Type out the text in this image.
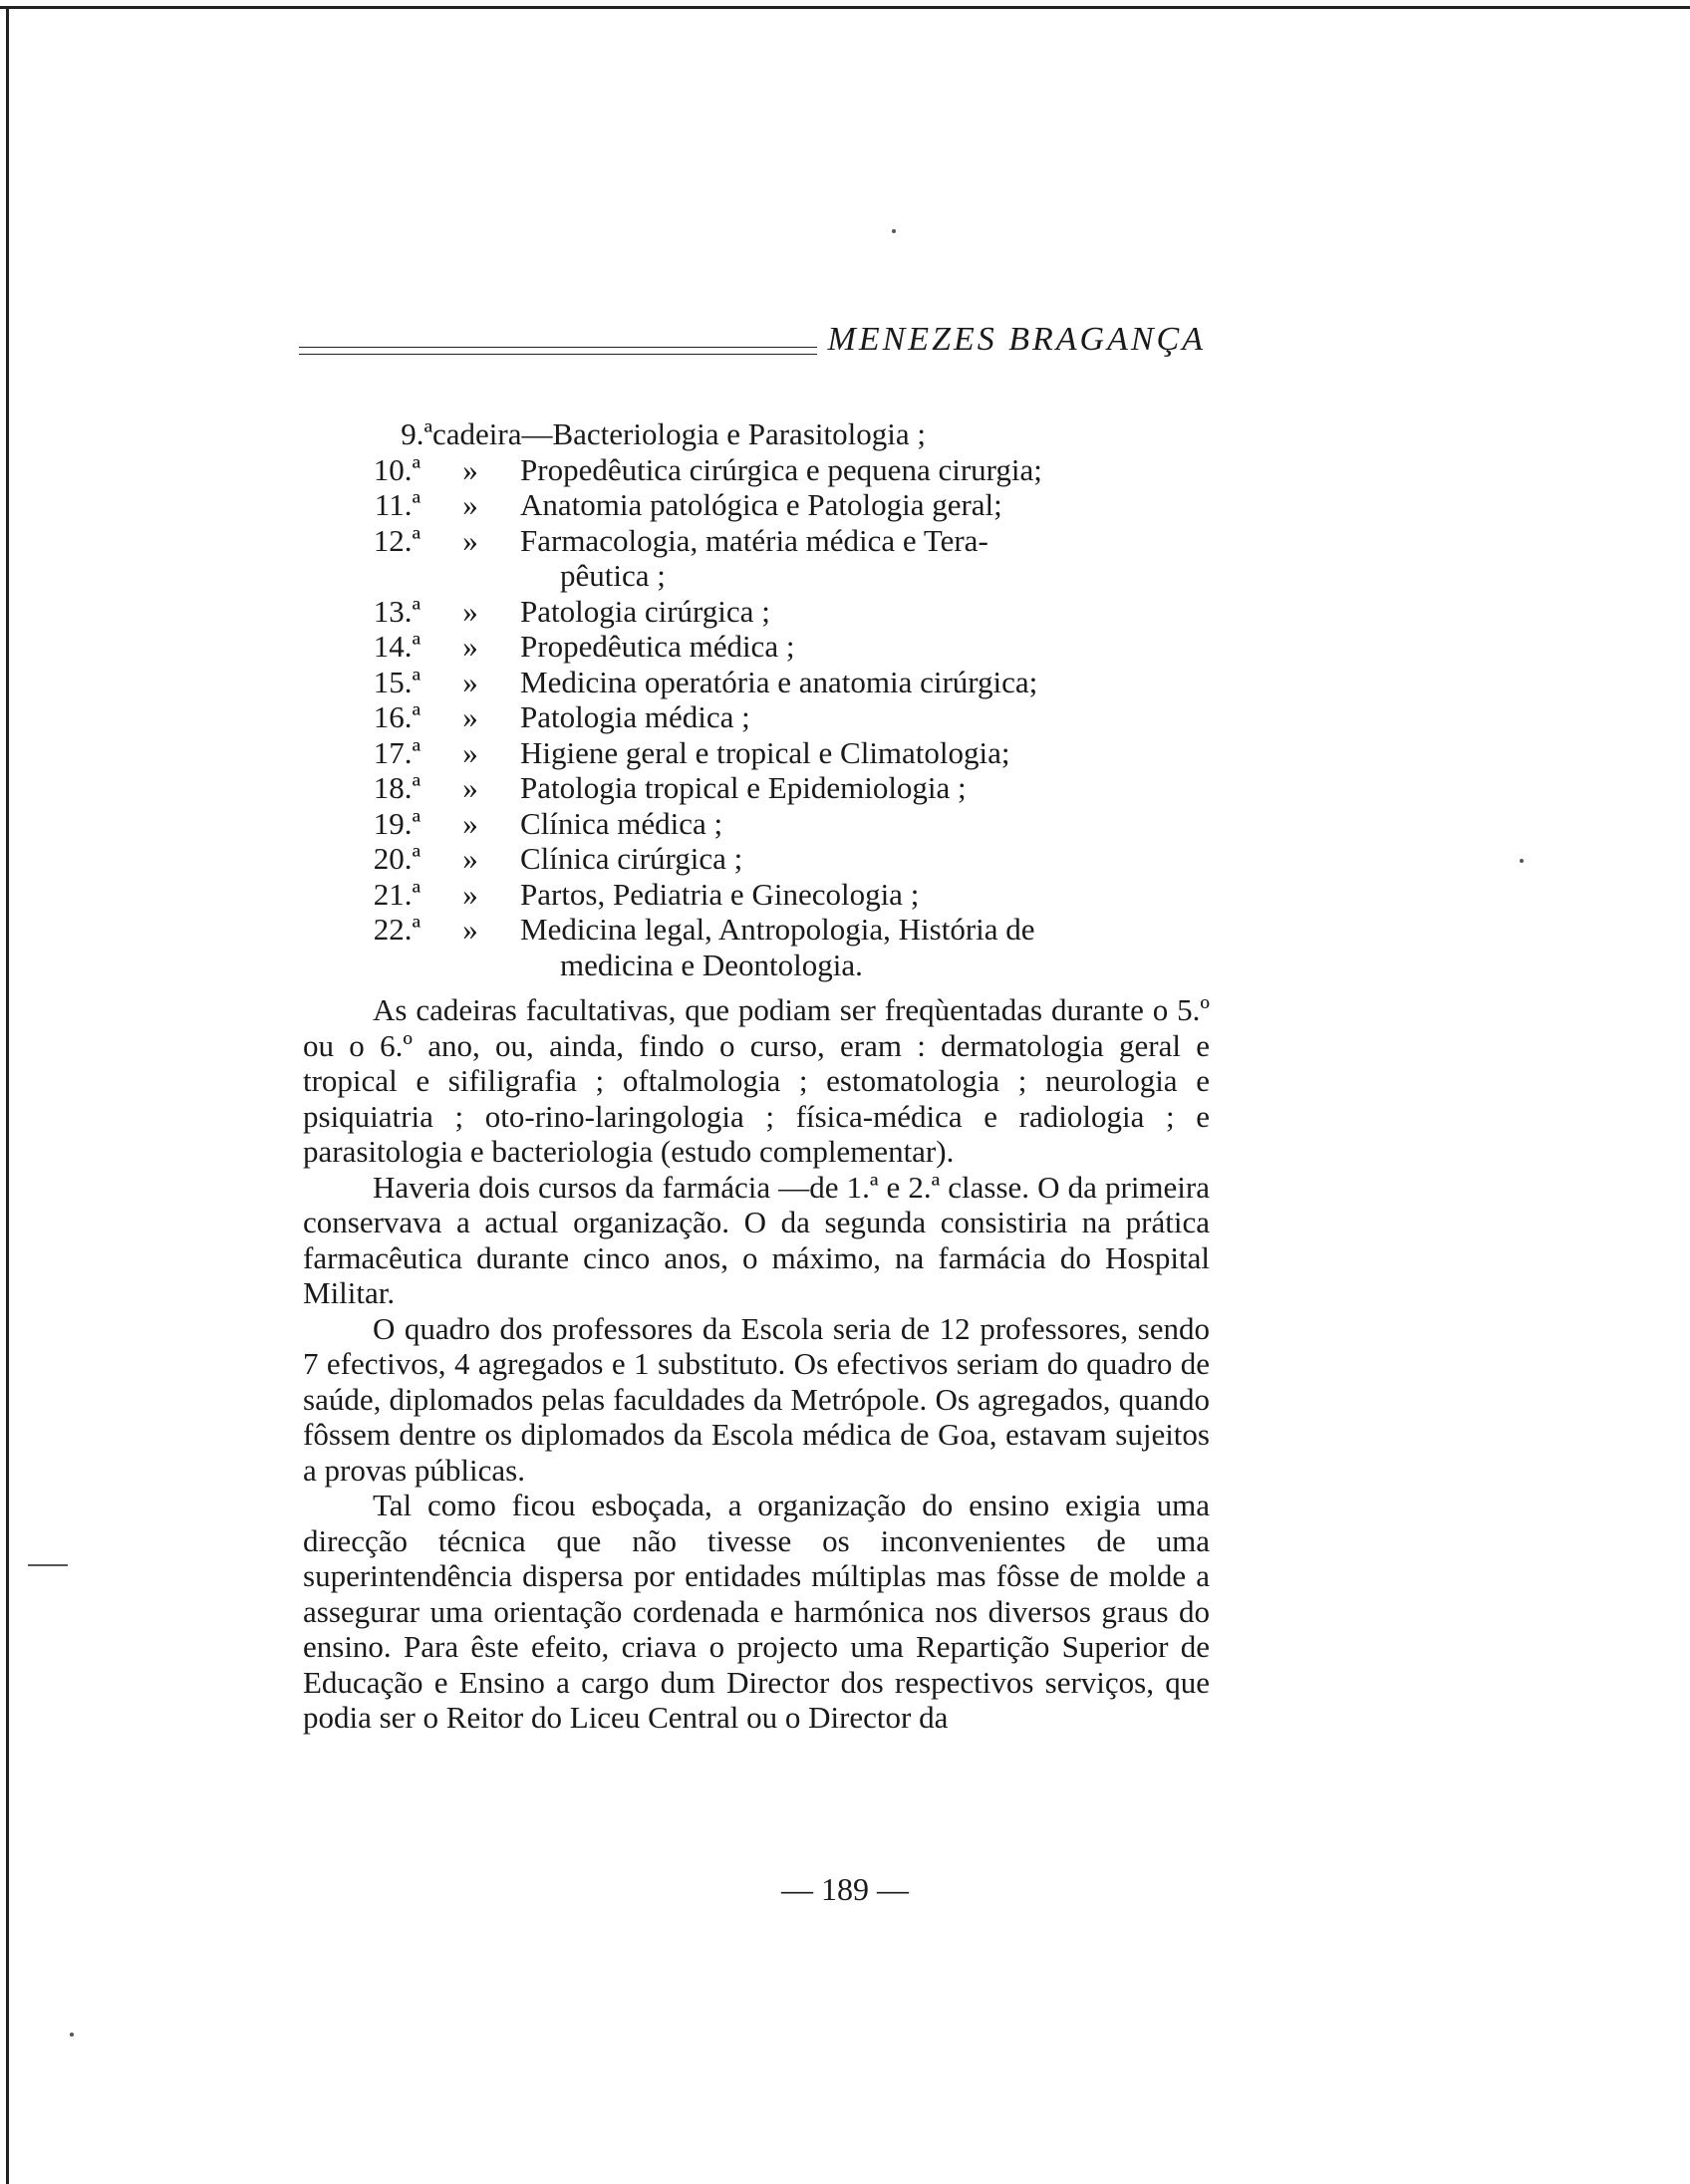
MENEZES BRAGANÇA
9.ª cadeira— Bacteriologia e Parasitologia ;
10.ª	»	Propedêutica cirúrgica e pequena cirurgia;
11.ª	»	Anatomia patológica e Patologia geral;
12.ª	»	Farmacologia, matéria médica e Tera-
pêutica ;
13.ª	»	Patologia cirúrgica ;
14.ª	»	Propedêutica médica ;
15.ª	»	Medicina operatória e anatomia cirúrgica;
16.ª	»	Patologia médica ;
17.ª	»	Higiene geral e tropical e Climatologia;
18.ª	»	Patologia tropical e Epidemiologia ;
19.ª	»	Clínica médica ;
20.ª	»	Clínica cirúrgica ;
21.ª	»	Partos, Pediatria e Ginecologia ;
22.ª	»	Medicina legal, Antropologia, História de
medicina e Deontologia.

As cadeiras facultativas, que podiam ser freqùentadas durante o 5.º ou o 6.º ano, ou, ainda, findo o curso, eram : dermatologia geral e tropical e sifiligrafia ; oftalmologia ; estomatologia ; neurologia e psiquiatria ; oto-rino-laringologia ; física-médica e radiologia ; e parasitologia e bacteriologia (estudo complementar).

Haveria dois cursos da farmácia —de 1.ª e 2.ª classe. O da primeira conservava a actual organização. O da segunda consistiria na prática farmacêutica durante cinco anos, o máximo, na farmácia do Hospital Militar.

O quadro dos professores da Escola seria de 12 professores, sendo 7 efectivos, 4 agregados e 1 substituto. Os efectivos seriam do quadro de saúde, diplomados pelas faculdades da Metrópole. Os agregados, quando fôssem dentre os diplomados da Escola médica de Goa, estavam sujeitos a provas públicas.

Tal como ficou esboçada, a organização do ensino exigia uma direcção técnica que não tivesse os inconvenientes de uma superintendência dispersa por entidades múltiplas mas fôsse de molde a assegurar uma orientação cordenada e harmónica nos diversos graus do ensino. Para êste efeito, criava o projecto uma Repartição Superior de Educação e Ensino a cargo dum Director dos respectivos serviços, que podia ser o Reitor do Liceu Central ou o Director da

— 189 —
